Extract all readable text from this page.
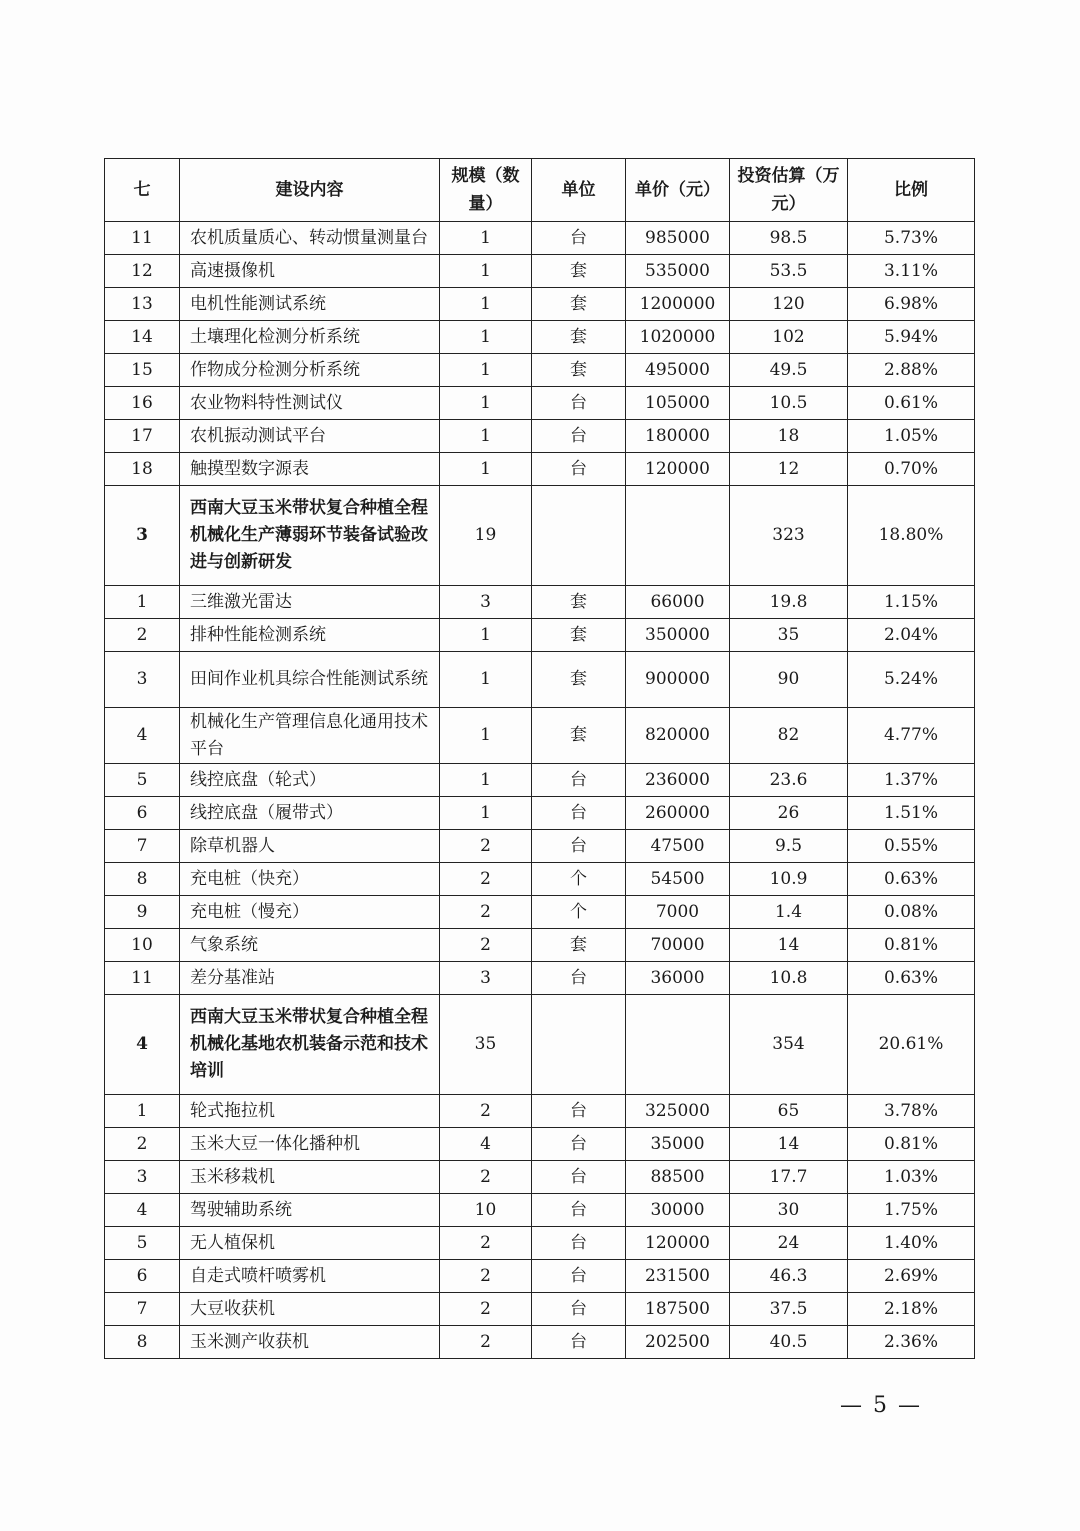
七	建设内容	规模（数量）	单位	单价（元）	投资估算（万元）	比例
11	农机质量质心、转动惯量测量台	1	台	985000	98.5	5.73%
12	高速摄像机	1	套	535000	53.5	3.11%
13	电机性能测试系统	1	套	1200000	120	6.98%
14	土壤理化检测分析系统	1	套	1020000	102	5.94%
15	作物成分检测分析系统	1	套	495000	49.5	2.88%
16	农业物料特性测试仪	1	台	105000	10.5	0.61%
17	农机振动测试平台	1	台	180000	18	1.05%
18	触摸型数字源表	1	台	120000	12	0.70%
3	西南大豆玉米带状复合种植全程机械化生产薄弱环节装备试验改进与创新研发	19			323	18.80%
1	三维激光雷达	3	套	66000	19.8	1.15%
2	排种性能检测系统	1	套	350000	35	2.04%
3	田间作业机具综合性能测试系统	1	套	900000	90	5.24%
4	机械化生产管理信息化通用技术平台	1	套	820000	82	4.77%
5	线控底盘（轮式）	1	台	236000	23.6	1.37%
6	线控底盘（履带式）	1	台	260000	26	1.51%
7	除草机器人	2	台	47500	9.5	0.55%
8	充电桩（快充）	2	个	54500	10.9	0.63%
9	充电桩（慢充）	2	个	7000	1.4	0.08%
10	气象系统	2	套	70000	14	0.81%
11	差分基准站	3	台	36000	10.8	0.63%
4	西南大豆玉米带状复合种植全程机械化基地农机装备示范和技术培训	35			354	20.61%
1	轮式拖拉机	2	台	325000	65	3.78%
2	玉米大豆一体化播种机	4	台	35000	14	0.81%
3	玉米移栽机	2	台	88500	17.7	1.03%
4	驾驶辅助系统	10	台	30000	30	1.75%
5	无人植保机	2	台	120000	24	1.40%
6	自走式喷杆喷雾机	2	台	231500	46.3	2.69%
7	大豆收获机	2	台	187500	37.5	2.18%
8	玉米测产收获机	2	台	202500	40.5	2.36%
— 5 —
